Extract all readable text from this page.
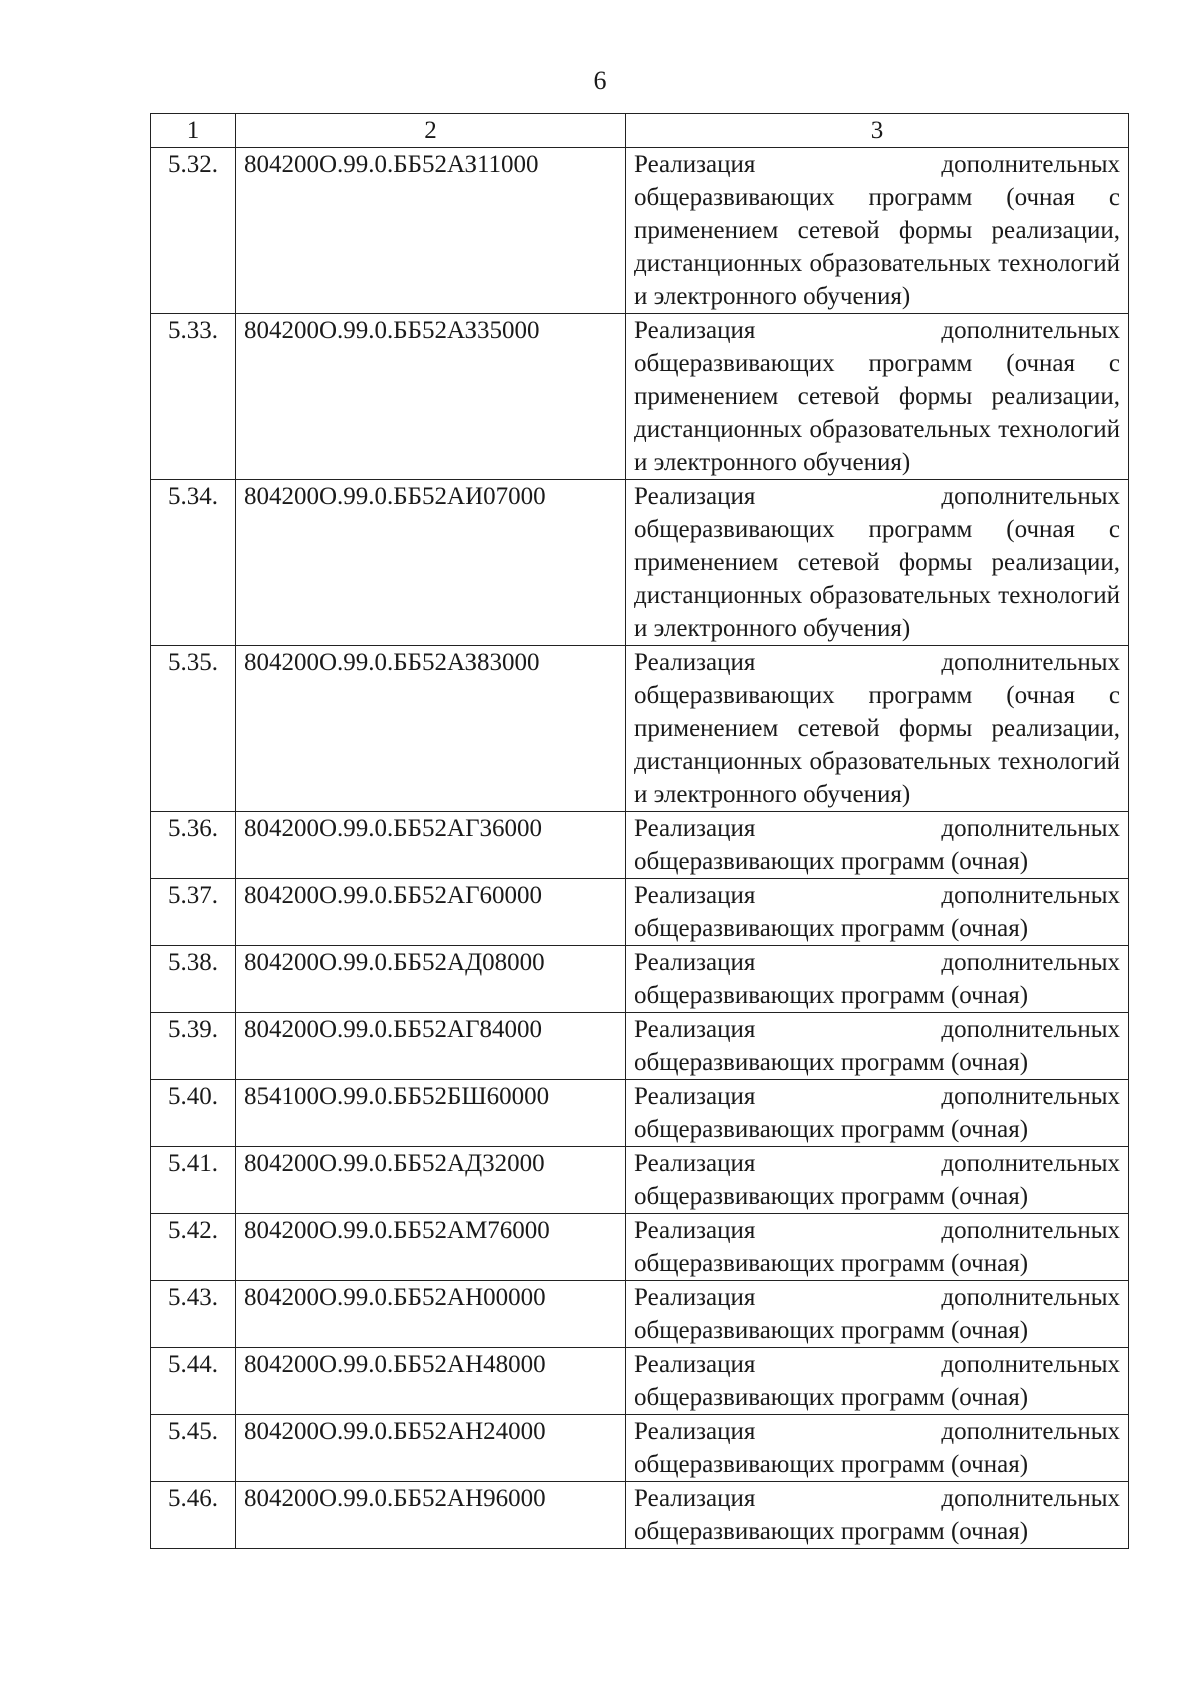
6
1	2	3
5.32.	804200О.99.0.ББ52АЗ11000	Реализация дополнительных общеразвивающих программ (очная с применением сетевой формы реализации, дистанционных образовательных технологий и электронного обучения)
5.33.	804200О.99.0.ББ52АЗ35000	Реализация дополнительных общеразвивающих программ (очная с применением сетевой формы реализации, дистанционных образовательных технологий и электронного обучения)
5.34.	804200О.99.0.ББ52АИ07000	Реализация дополнительных общеразвивающих программ (очная с применением сетевой формы реализации, дистанционных образовательных технологий и электронного обучения)
5.35.	804200О.99.0.ББ52АЗ83000	Реализация дополнительных общеразвивающих программ (очная с применением сетевой формы реализации, дистанционных образовательных технологий и электронного обучения)
5.36.	804200О.99.0.ББ52АГ36000	Реализация дополнительных общеразвивающих программ (очная)
5.37.	804200О.99.0.ББ52АГ60000	Реализация дополнительных общеразвивающих программ (очная)
5.38.	804200О.99.0.ББ52АД08000	Реализация дополнительных общеразвивающих программ (очная)
5.39.	804200О.99.0.ББ52АГ84000	Реализация дополнительных общеразвивающих программ (очная)
5.40.	854100О.99.0.ББ52БШ60000	Реализация дополнительных общеразвивающих программ (очная)
5.41.	804200О.99.0.ББ52АД32000	Реализация дополнительных общеразвивающих программ (очная)
5.42.	804200О.99.0.ББ52АМ76000	Реализация дополнительных общеразвивающих программ (очная)
5.43.	804200О.99.0.ББ52АН00000	Реализация дополнительных общеразвивающих программ (очная)
5.44.	804200О.99.0.ББ52АН48000	Реализация дополнительных общеразвивающих программ (очная)
5.45.	804200О.99.0.ББ52АН24000	Реализация дополнительных общеразвивающих программ (очная)
5.46.	804200О.99.0.ББ52АН96000	Реализация дополнительных общеразвивающих программ (очная)
